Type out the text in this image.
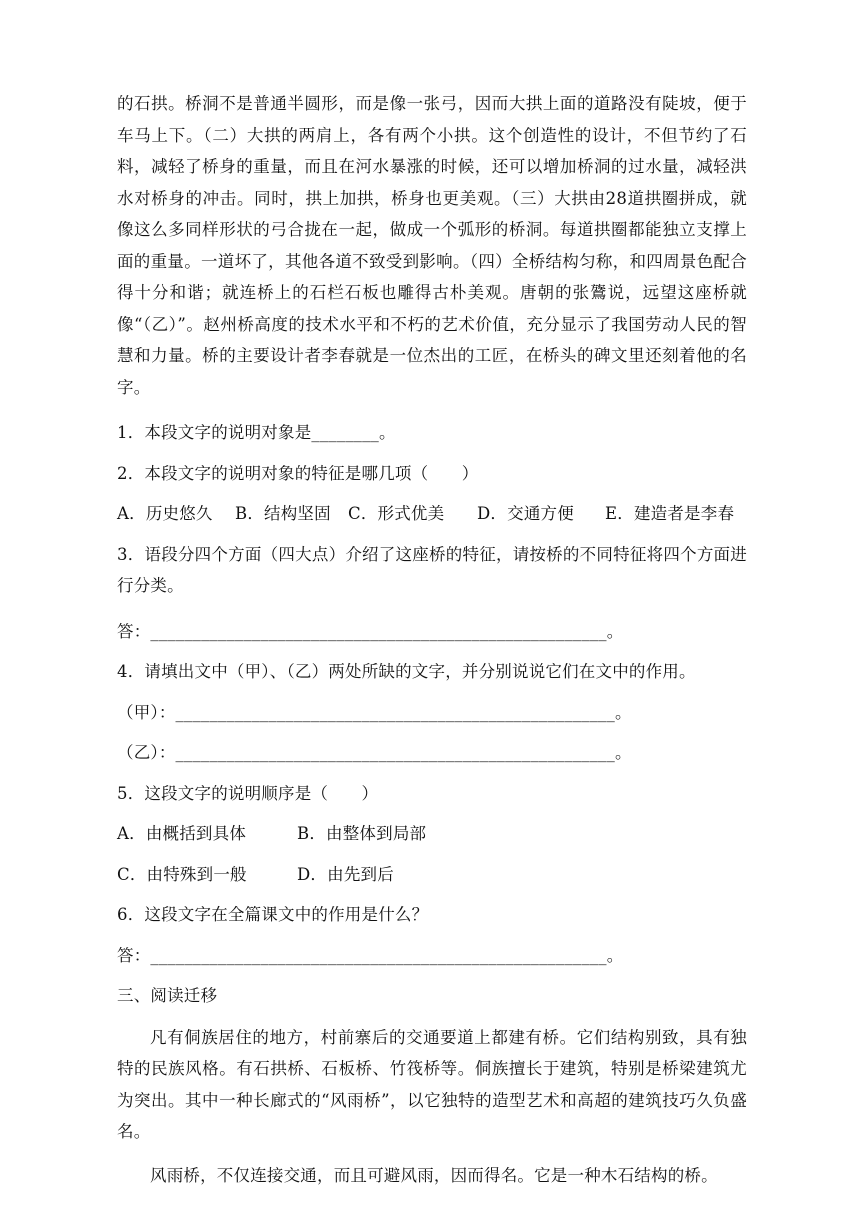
的石拱。桥洞不是普通半圆形，而是像一张弓，因而大拱上面的道路没有陡坡，便于车马上下。（二）大拱的两肩上，各有两个小拱。这个创造性的设计，不但节约了石料，减轻了桥身的重量，而且在河水暴涨的时候，还可以增加桥洞的过水量，减轻洪水对桥身的冲击。同时，拱上加拱，桥身也更美观。（三）大拱由28道拱圈拼成，就像这么多同样形状的弓合拢在一起，做成一个弧形的桥洞。每道拱圈都能独立支撑上面的重量。一道坏了，其他各道不致受到影响。（四）全桥结构匀称，和四周景色配合得十分和谐；就连桥上的石栏石板也雕得古朴美观。唐朝的张鷟说，远望这座桥就像“（乙）”。赵州桥高度的技术水平和不朽的艺术价值，充分显示了我国劳动人民的智慧和力量。桥的主要设计者李春就是一位杰出的工匠，在桥头的碑文里还刻着他的名字。
1．本段文字的说明对象是________。
2．本段文字的说明对象的特征是哪几项（　　）
A．历史悠久 B．结构坚固 C．形式优美 D．交通方便 E．建造者是李春
3．语段分四个方面（四大点）介绍了这座桥的特征，请按桥的不同特征将四个方面进行分类。
答：______________________________________________________。
4．请填出文中（甲）、（乙）两处所缺的文字，并分别说说它们在文中的作用。
（甲）：____________________________________________________。
（乙）：____________________________________________________。
5．这段文字的说明顺序是（　　）
A．由概括到具体	B．由整体到局部
C．由特殊到一般	D．由先到后
6．这段文字在全篇课文中的作用是什么？
答：______________________________________________________。
三、阅读迁移
凡有侗族居住的地方，村前寨后的交通要道上都建有桥。它们结构别致，具有独特的民族风格。有石拱桥、石板桥、竹筏桥等。侗族擅长于建筑，特别是桥梁建筑尤为突出。其中一种长廊式的“风雨桥”，以它独特的造型艺术和高超的建筑技巧久负盛名。
风雨桥，不仅连接交通，而且可避风雨，因而得名。它是一种木石结构的桥。
